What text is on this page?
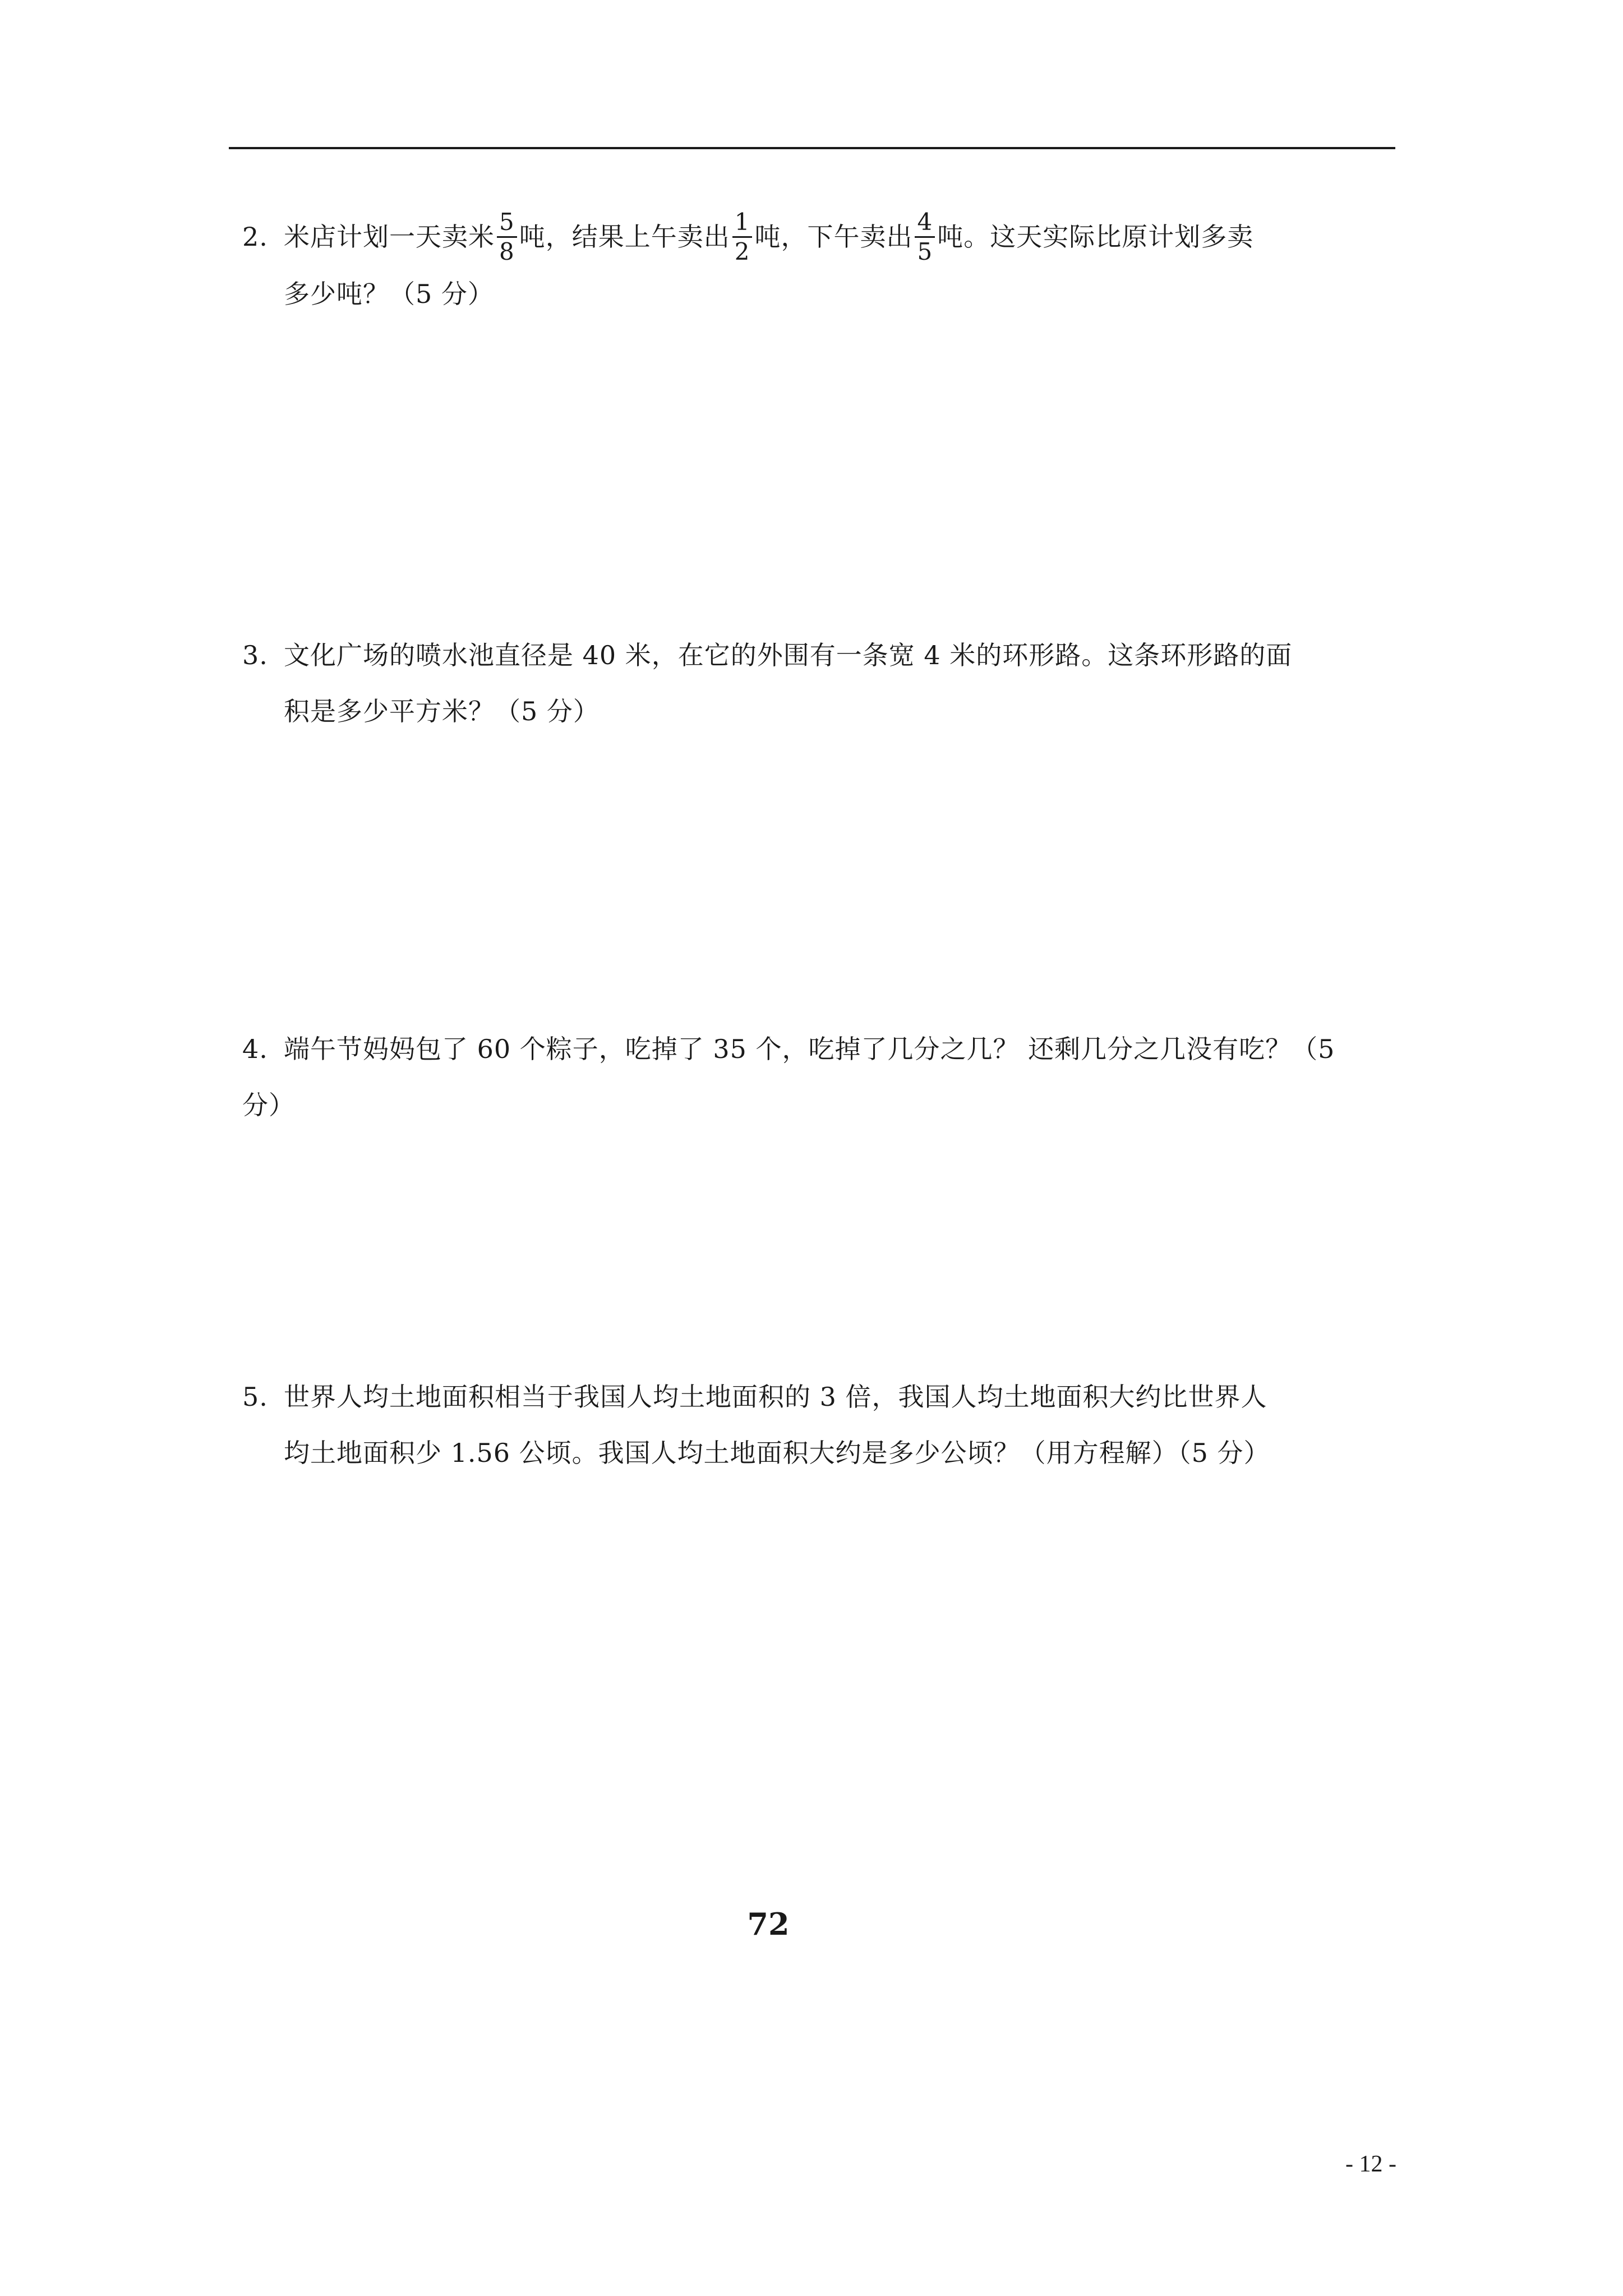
2. 米店计划一天卖米 $\frac{5}{8}$ 吨，结果上午卖出 $\frac{1}{2}$ 吨，下午卖出 $\frac{4}{5}$ 吨。这天实际比原计划多卖
多少吨？（5 分）
3. 文化广场的喷水池直径是 40 米，在它的外围有一条宽 4 米的环形路。这条环形路的面
积是多少平方米？（5 分）
4. 端午节妈妈包了 60 个粽子，吃掉了 35 个，吃掉了几分之几？ 还剩几分之几没有吃？（5 分）
5. 世界人均土地面积相当于我国人均土地面积的 3 倍，我国人均土地面积大约比世界人
均土地面积少 1.56 公顷。我国人均土地面积大约是多少公顷？（用方程解）（5 分）
72
- 12 -
